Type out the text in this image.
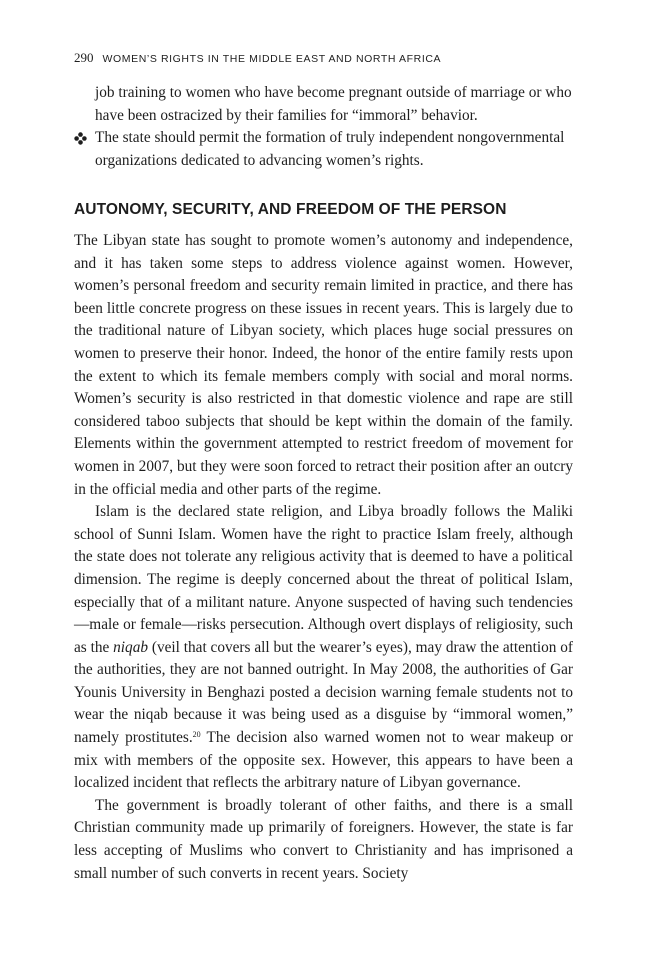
290 WOMEN’S RIGHTS IN THE MIDDLE EAST AND NORTH AFRICA
job training to women who have become pregnant outside of marriage or who have been ostracized by their families for “immoral” behavior.
The state should permit the formation of truly independent nongovernmental organizations dedicated to advancing women’s rights.
AUTONOMY, SECURITY, AND FREEDOM OF THE PERSON

The Libyan state has sought to promote women’s autonomy and independence, and it has taken some steps to address violence against women. However, women’s personal freedom and security remain limited in practice, and there has been little concrete progress on these issues in recent years. This is largely due to the traditional nature of Libyan society, which places huge social pressures on women to preserve their honor. Indeed, the honor of the entire family rests upon the extent to which its female members comply with social and moral norms. Women’s security is also restricted in that domestic violence and rape are still considered taboo subjects that should be kept within the domain of the family. Elements within the government attempted to restrict freedom of movement for women in 2007, but they were soon forced to retract their position after an outcry in the official media and other parts of the regime.

Islam is the declared state religion, and Libya broadly follows the Maliki school of Sunni Islam. Women have the right to practice Islam freely, although the state does not tolerate any religious activity that is deemed to have a political dimension. The regime is deeply concerned about the threat of political Islam, especially that of a militant nature. Anyone suspected of having such tendencies—male or female—risks persecution. Although overt displays of religiosity, such as the niqab (veil that covers all but the wearer’s eyes), may draw the attention of the authorities, they are not banned outright. In May 2008, the authorities of Gar Younis University in Benghazi posted a decision warning female students not to wear the niqab because it was being used as a disguise by “immoral women,” namely prostitutes.$^{20}$ The decision also warned women not to wear makeup or mix with members of the opposite sex. However, this appears to have been a localized incident that reflects the arbitrary nature of Libyan governance.

The government is broadly tolerant of other faiths, and there is a small Christian community made up primarily of foreigners. However, the state is far less accepting of Muslims who convert to Christianity and has imprisoned a small number of such converts in recent years. Society
